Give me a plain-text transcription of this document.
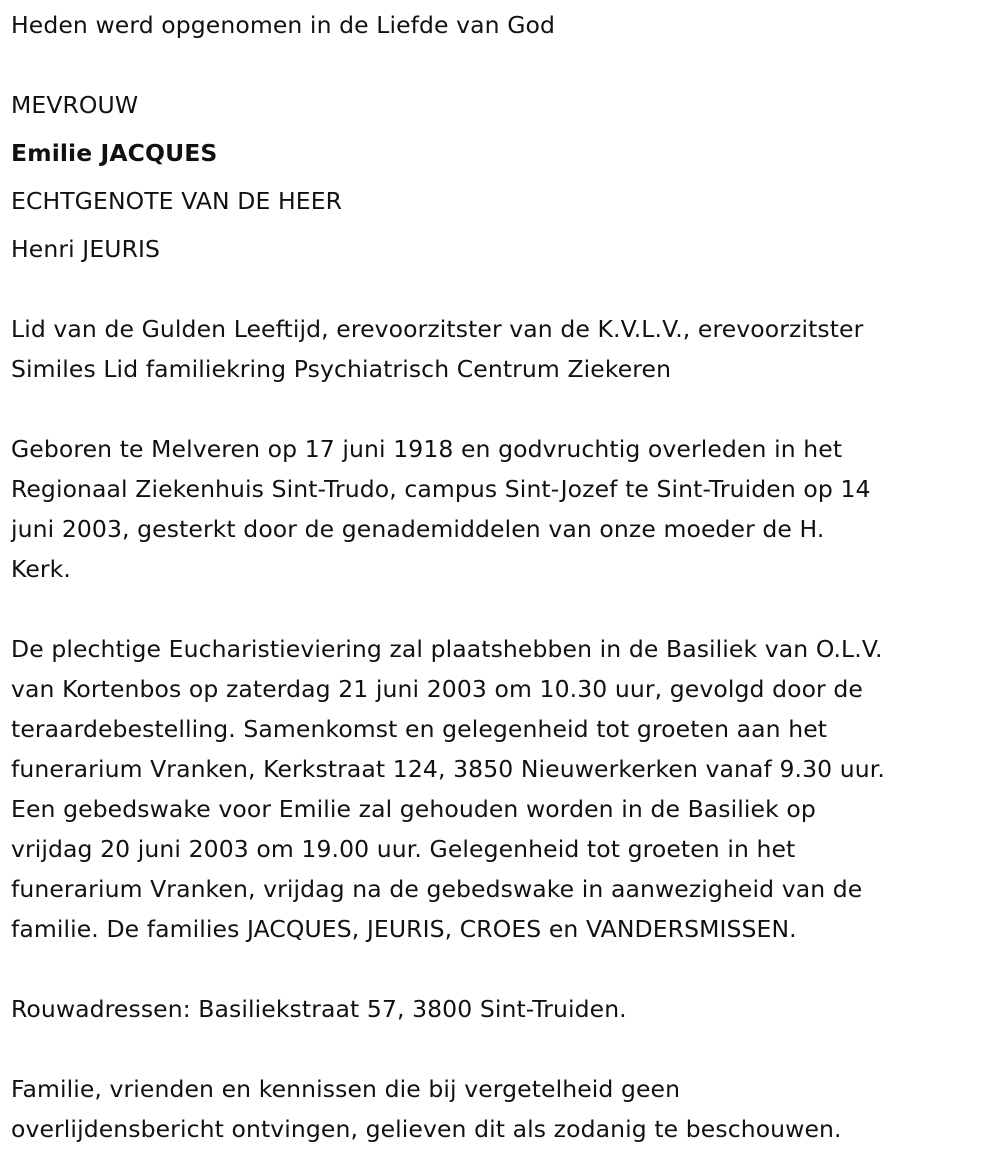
Heden werd opgenomen in de Liefde van God
MEVROUW
Emilie JACQUES
ECHTGENOTE VAN DE HEER
Henri JEURIS
Lid van de Gulden Leeftijd, erevoorzitster van de K.V.L.V., erevoorzitster
Similes Lid familiekring Psychiatrisch Centrum Ziekeren
Geboren te Melveren op 17 juni 1918 en godvruchtig overleden in het
Regionaal Ziekenhuis Sint-Trudo, campus Sint-Jozef te Sint-Truiden op 14
juni 2003, gesterkt door de genademiddelen van onze moeder de H.
Kerk.
De plechtige Eucharistieviering zal plaatshebben in de Basiliek van O.L.V.
van Kortenbos op zaterdag 21 juni 2003 om 10.30 uur, gevolgd door de
teraardebestelling. Samenkomst en gelegenheid tot groeten aan het
funerarium Vranken, Kerkstraat 124, 3850 Nieuwerkerken vanaf 9.30 uur.
Een gebedswake voor Emilie zal gehouden worden in de Basiliek op
vrijdag 20 juni 2003 om 19.00 uur. Gelegenheid tot groeten in het
funerarium Vranken, vrijdag na de gebedswake in aanwezigheid van de
familie. De families JACQUES, JEURIS, CROES en VANDERSMISSEN.
Rouwadressen: Basiliekstraat 57, 3800 Sint-Truiden.
Familie, vrienden en kennissen die bij vergetelheid geen
overlijdensbericht ontvingen, gelieven dit als zodanig te beschouwen.
